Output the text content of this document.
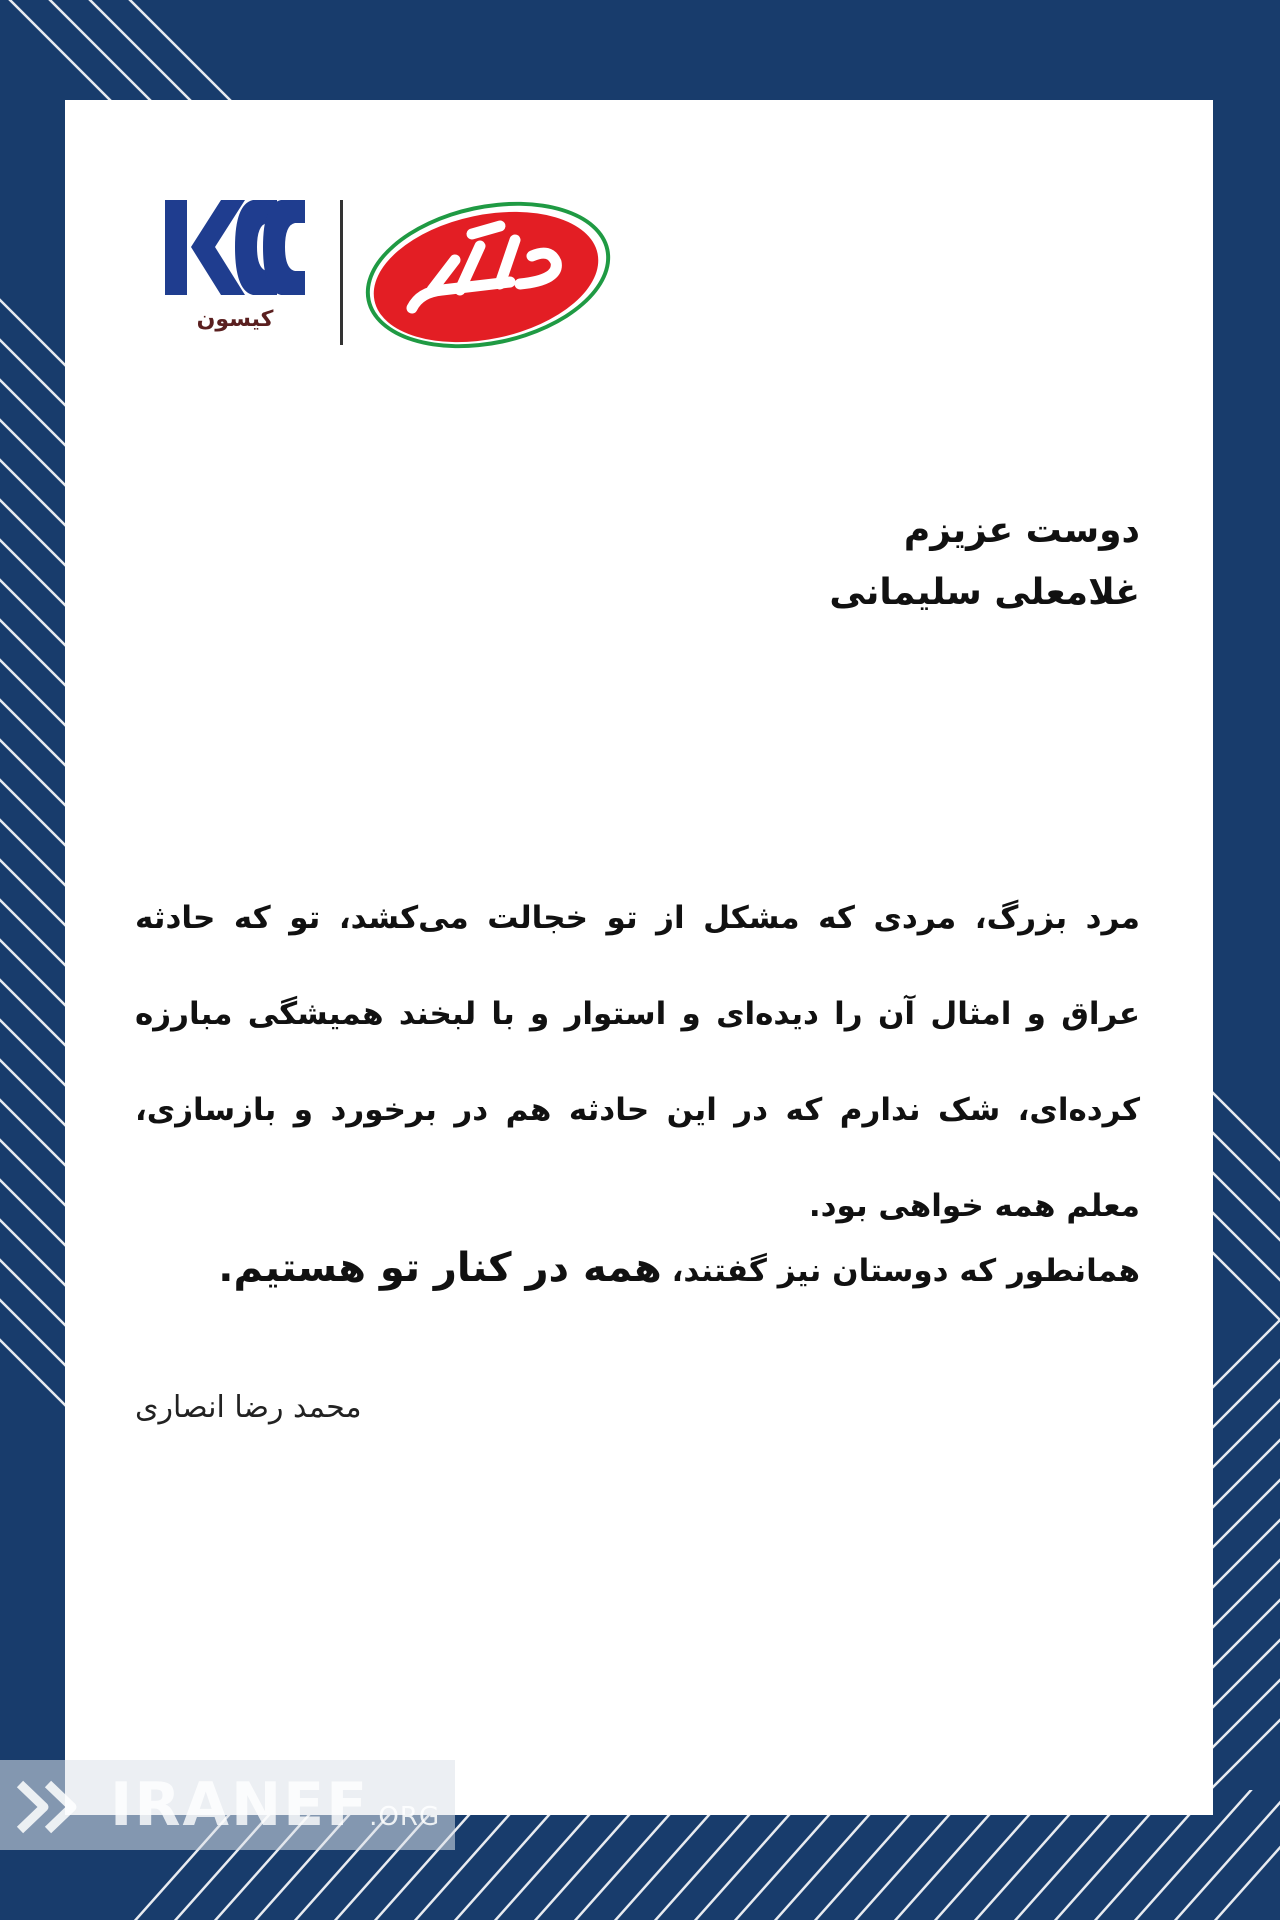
کیسون

دوست عزیزم

غلامعلی سلیمانی

مرد بزرگ، مردی که مشکل از تو خجالت می‌کشد، تو که حادثه عراق و امثال آن را دیده‌ای و استوار و با لبخند همیشگی مبارزه کرده‌ای، شک ندارم که در این حادثه هم در برخورد و بازسازی، معلم همه خواهی بود.

همانطور که دوستان نیز گفتند، همه در کنار تو هستیم.
محمد رضا انصاری
IRANEF.ORG
